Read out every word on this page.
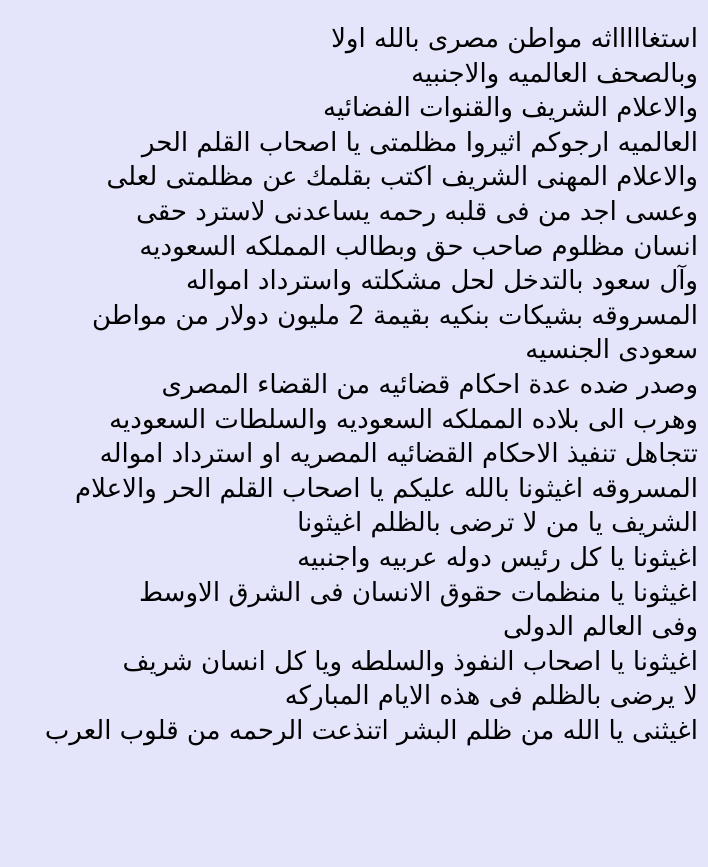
استغاااااثه مواطن مصرى بالله اولا
وبالصحف العالميه والاجنبيه
والاعلام الشريف والقنوات الفضائيه
العالميه ارجوكم اثيروا مظلمتى يا اصحاب القلم الحر
والاعلام المهنى الشريف اكتب بقلمك عن مظلمتى لعلى
وعسى اجد من فى قلبه رحمه يساعدنى لاسترد حقى
انسان مظلوم صاحب حق وبطالب المملكه السعوديه
وآل سعود بالتدخل لحل مشكلته واسترداد امواله
المسروقه بشيكات بنكيه بقيمة 2 مليون دولار من مواطن
سعودى الجنسيه
وصدر ضده عدة احكام قضائيه من القضاء المصرى
وهرب الى بلاده المملكه السعوديه والسلطات السعوديه
تتجاهل تنفيذ الاحكام القضائيه المصريه او استرداد امواله
المسروقه اغيثونا بالله عليكم يا اصحاب القلم الحر والاعلام
الشريف يا من لا ترضى بالظلم اغيثونا
اغيثونا يا كل رئيس دوله عربيه واجنبيه
اغيثونا يا منظمات حقوق الانسان فى الشرق الاوسط
وفى العالم الدولى
اغيثونا يا اصحاب النفوذ والسلطه ويا كل انسان شريف
لا يرضى بالظلم فى هذه الايام المباركه
اغيثنى يا الله من ظلم البشر اتنذعت الرحمه من قلوب العرب
